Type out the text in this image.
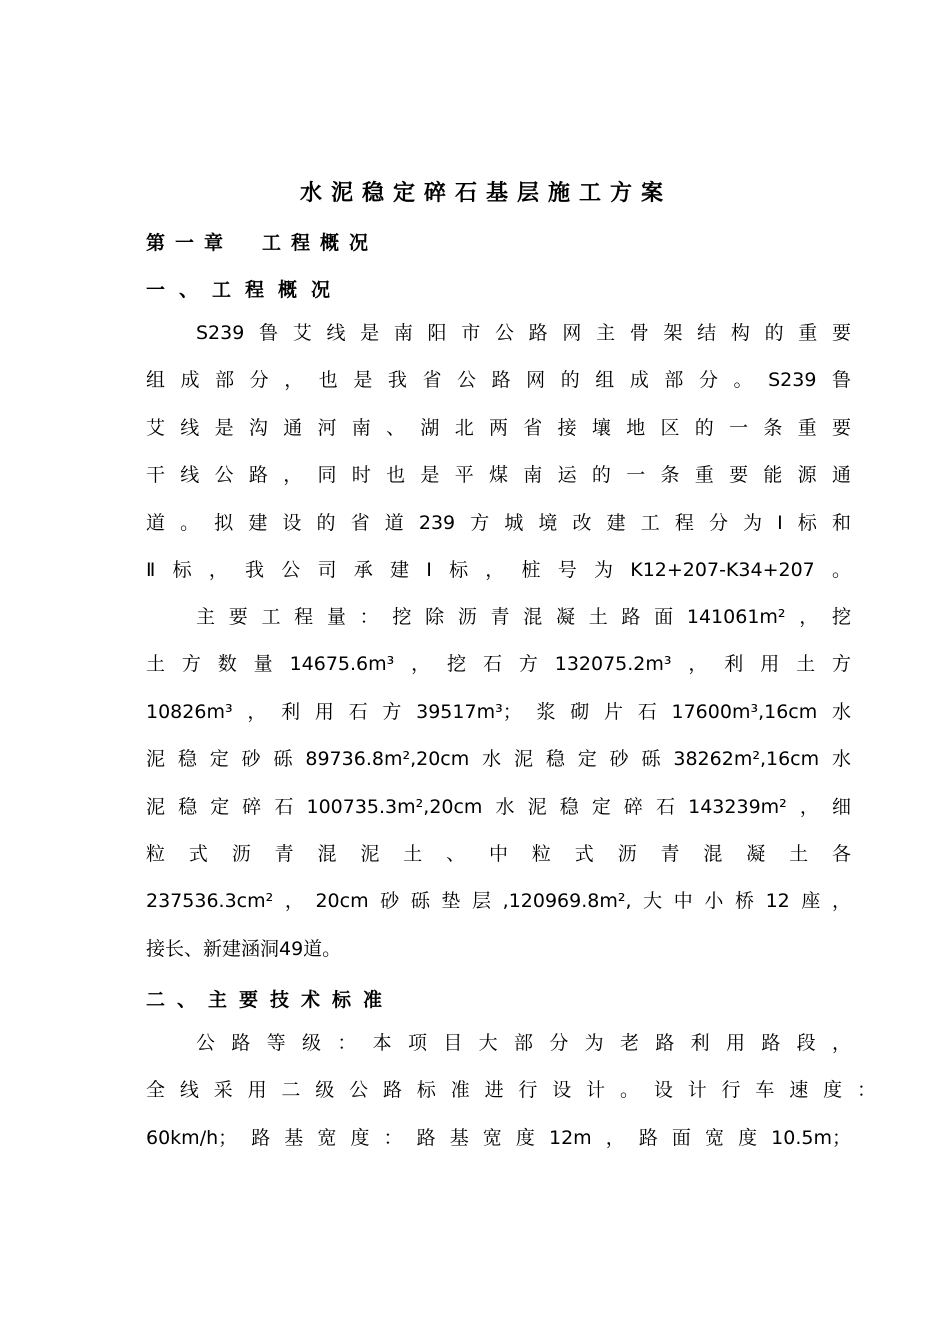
水泥稳定碎石基层施工方案
第一章　工程概况
一、工程概况
S239鲁艾线是南阳市公路网主骨架结构的重要
组成部分，也是我省公路网的组成部分。S239鲁
艾线是沟通河南、湖北两省接壤地区的一条重要
干线公路，同时也是平煤南运的一条重要能源通
道。拟建设的省道239方城境改建工程分为Ⅰ标和
Ⅱ标，我公司承建Ⅰ标，桩号为K12+207-K34+207。
主要工程量：挖除沥青混凝土路面141061m²，挖
土方数量14675.6m³，挖石方132075.2m³，利用土方
10826m³，利用石方39517m³；浆砌片石17600m³,16cm水
泥稳定砂砾89736.8m²,20cm水泥稳定砂砾38262m²,16cm水
泥稳定碎石100735.3m²,20cm水泥稳定碎石143239m²，细
粒式沥青混泥土、中粒式沥青混凝土各
237536.3cm²，20cm砂砾垫层,120969.8m²,大中小桥12座，
接长、新建涵洞49道。
二、主要技术标准
公路等级：本项目大部分为老路利用路段，
全线采用二级公路标准进行设计。设计行车速度：
60km/h；路基宽度：路基宽度12m，路面宽度10.5m；
